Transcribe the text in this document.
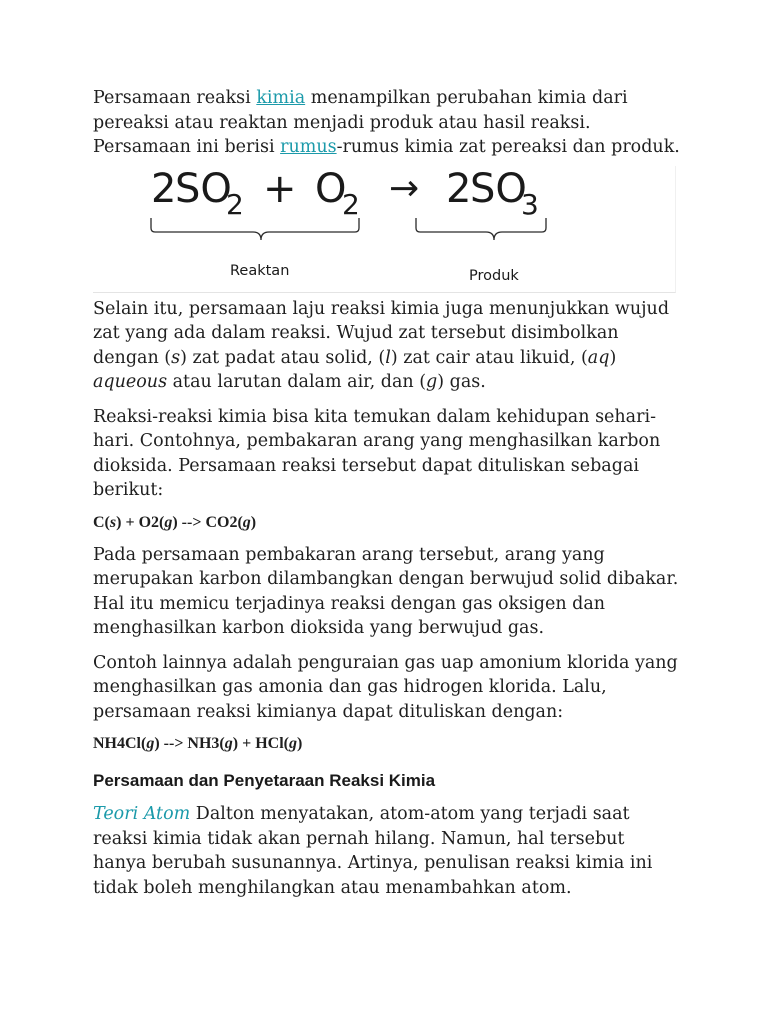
Persamaan reaksi kimia menampilkan perubahan kimia dari pereaksi atau reaktan menjadi produk atau hasil reaksi. Persamaan ini berisi rumus-rumus kimia zat pereaksi dan produk.

2
SO
2 + O
2 → 2
SO
3
Reaktan	Produk

Selain itu, persamaan laju reaksi kimia juga menunjukkan wujud zat yang ada dalam reaksi. Wujud zat tersebut disimbolkan dengan (s) zat padat atau solid, (l) zat cair atau likuid, (aq) aqueous atau larutan dalam air, dan (g) gas.

Reaksi-reaksi kimia bisa kita temukan dalam kehidupan sehari-hari. Contohnya, pembakaran arang yang menghasilkan karbon dioksida. Persamaan reaksi tersebut dapat dituliskan sebagai berikut:

C(s) + O2(g) --> CO2(g)

Pada persamaan pembakaran arang tersebut, arang yang merupakan karbon dilambangkan dengan berwujud solid dibakar. Hal itu memicu terjadinya reaksi dengan gas oksigen dan menghasilkan karbon dioksida yang berwujud gas.

Contoh lainnya adalah penguraian gas uap amonium klorida yang menghasilkan gas amonia dan gas hidrogen klorida. Lalu, persamaan reaksi kimianya dapat dituliskan dengan:

NH4Cl(g) --> NH3(g) + HCl(g)

Persamaan dan Penyetaraan Reaksi Kimia

Teori Atom Dalton menyatakan, atom-atom yang terjadi saat reaksi kimia tidak akan pernah hilang. Namun, hal tersebut hanya berubah susunannya. Artinya, penulisan reaksi kimia ini tidak boleh menghilangkan atau menambahkan atom.
